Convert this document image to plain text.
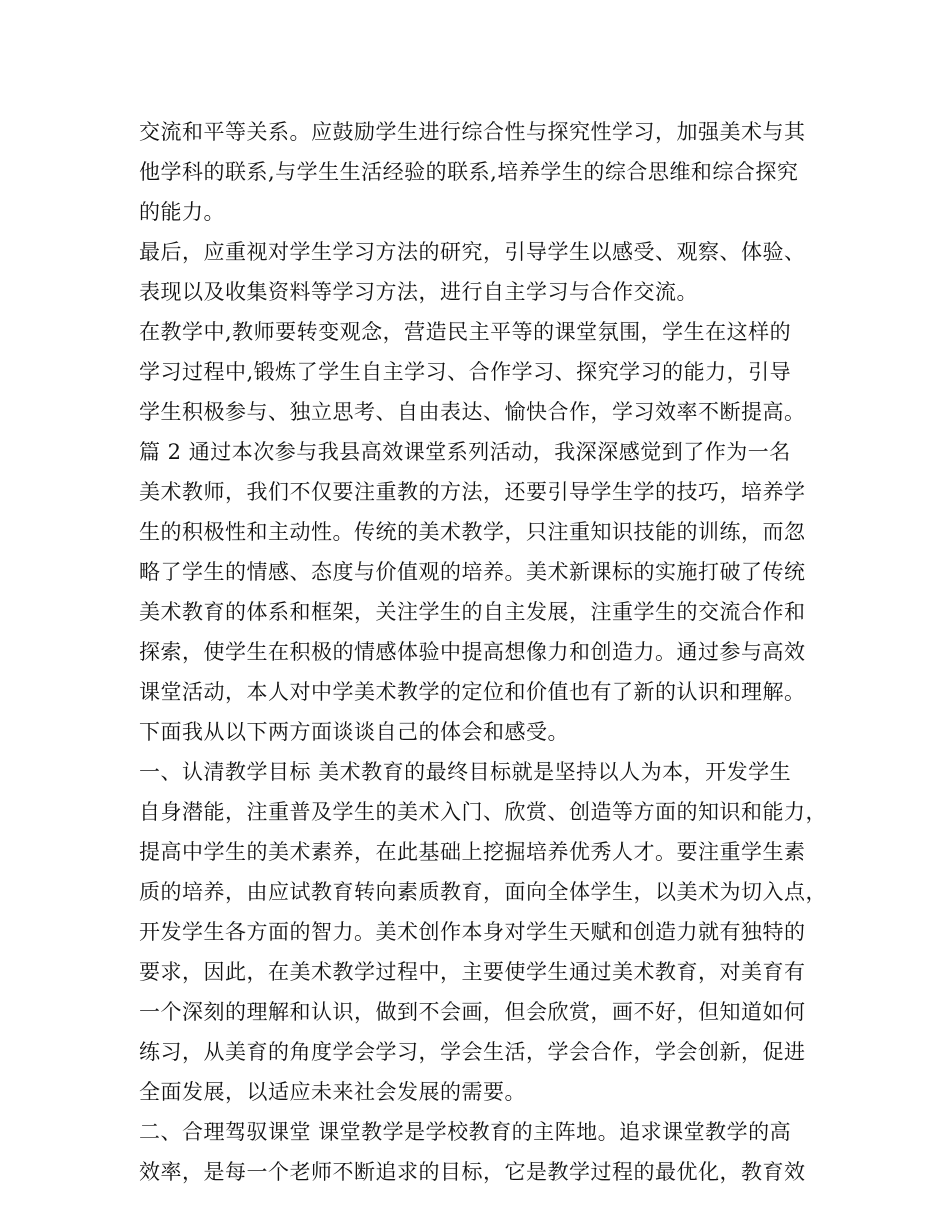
交流和平等关系。应鼓励学生进行综合性与探究性学习，加强美术与其
他学科的联系,与学生生活经验的联系,培养学生的综合思维和综合探究
的能力。
最后，应重视对学生学习方法的研究，引导学生以感受、观察、体验、
表现以及收集资料等学习方法，进行自主学习与合作交流。
在教学中,教师要转变观念，营造民主平等的课堂氛围，学生在这样的
学习过程中,锻炼了学生自主学习、合作学习、探究学习的能力，引导
学生积极参与、独立思考、自由表达、愉快合作，学习效率不断提高。
篇 2 通过本次参与我县高效课堂系列活动，我深深感觉到了作为一名
美术教师，我们不仅要注重教的方法，还要引导学生学的技巧，培养学
生的积极性和主动性。传统的美术教学，只注重知识技能的训练，而忽
略了学生的情感、态度与价值观的培养。美术新课标的实施打破了传统
美术教育的体系和框架，关注学生的自主发展，注重学生的交流合作和
探索，使学生在积极的情感体验中提高想像力和创造力。通过参与高效
课堂活动，本人对中学美术教学的定位和价值也有了新的认识和理解。
下面我从以下两方面谈谈自己的体会和感受。
一、认清教学目标 美术教育的最终目标就是坚持以人为本，开发学生
自身潜能，注重普及学生的美术入门、欣赏、创造等方面的知识和能力，
提高中学生的美术素养，在此基础上挖掘培养优秀人才。要注重学生素
质的培养，由应试教育转向素质教育，面向全体学生，以美术为切入点，
开发学生各方面的智力。美术创作本身对学生天赋和创造力就有独特的
要求，因此，在美术教学过程中，主要使学生通过美术教育，对美育有
一个深刻的理解和认识，做到不会画，但会欣赏，画不好，但知道如何
练习，从美育的角度学会学习，学会生活，学会合作，学会创新，促进
全面发展，以适应未来社会发展的需要。
二、合理驾驭课堂 课堂教学是学校教育的主阵地。追求课堂教学的高
效率，是每一个老师不断追求的目标，它是教学过程的最优化，教育效
